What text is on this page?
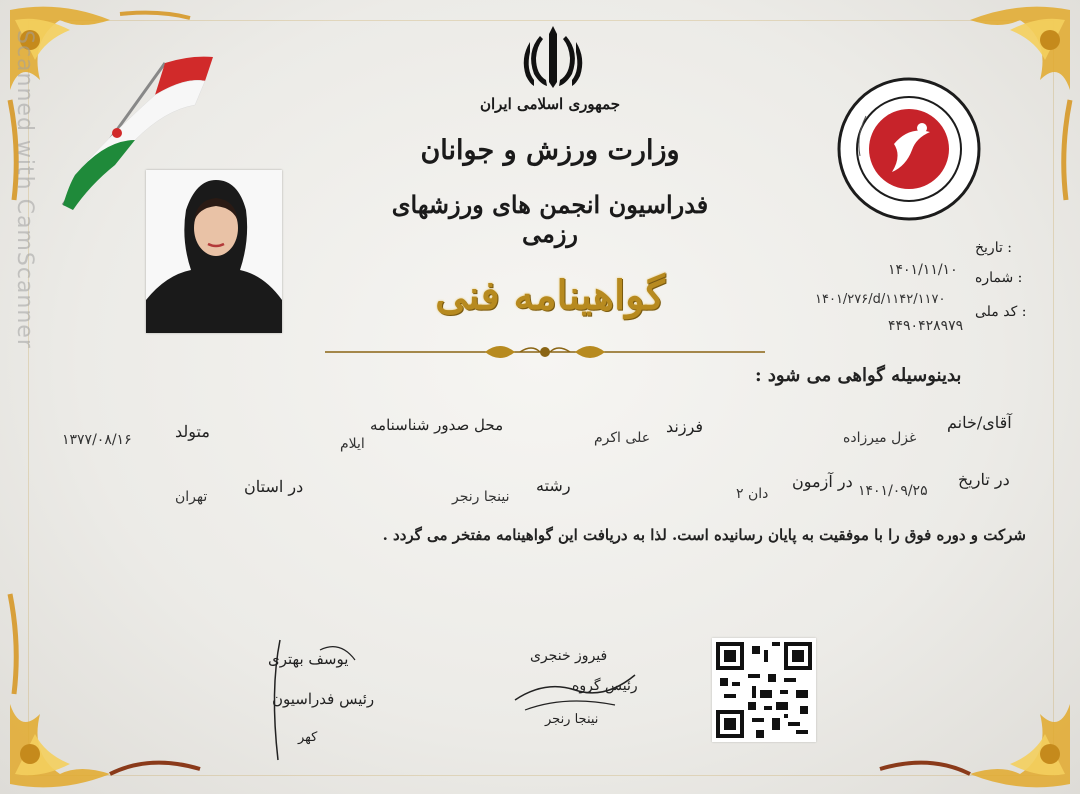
Scanned with CamScanner	جمهوری اسلامی ایران
وزارت ورزش و جوانان
فدراسیون انجمن های ورزشهای رزمی	تاریخ :
۱۴۰۱/۱۱/۱۰ شماره :
۱۴۰۱/۲۷۶/d/۱۱۴۲/۱۱۷۰
کد ملی :
۴۴۹۰۴۲۸۹۷۹
گواهینامه فنی
بدینوسیله گواهی می شود :
آقای/خانم
غزل میرزاده
فرزند
علی اکرم
محل صدور شناسنامه
ایلام
متولد
۱۳۷۷/۰۸/۱۶
در تاریخ
۱۴۰۱/۰۹/۲۵
در آزمون
دان ۲
رشته
نینجا رنجر
در استان
تهران
شرکت و دوره فوق را با موفقیت به پایان رسانیده است. لذا به دریافت این گواهینامه مفتخر می گردد .
یوسف بهتری
رئیس فدراسیون
کهر
فیروز خنجری
رئیس گروه
نینجا رنجر
